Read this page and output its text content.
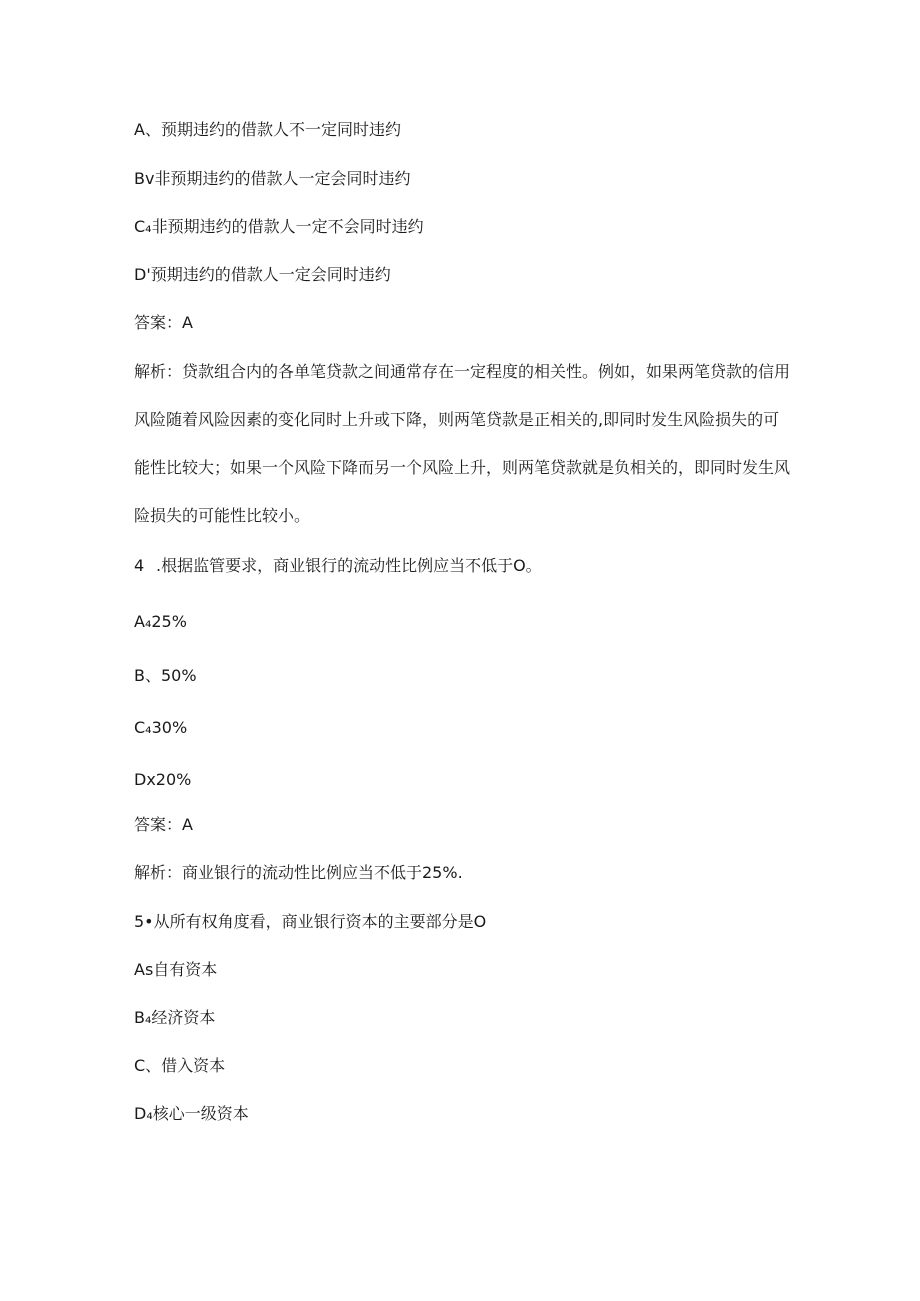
A、预期违约的借款人不一定同时违约
Bv非预期违约的借款人一定会同时违约
C₄非预期违约的借款人一定不会同时违约
D'预期违约的借款人一定会同时违约
答案：A
解析：贷款组合内的各单笔贷款之间通常存在一定程度的相关性。例如，如果两笔贷款的信用风险随着风险因素的变化同时上升或下降，则两笔贷款是正相关的,即同时发生风险损失的可能性比较大；如果一个风险下降而另一个风险上升，则两笔贷款就是负相关的，即同时发生风险损失的可能性比较小。
4 .根据监管要求，商业银行的流动性比例应当不低于O。
A₄25%
B、50%
C₄30%
Dx20%
答案：A
解析：商业银行的流动性比例应当不低于25%.
5•从所有权角度看，商业银行资本的主要部分是O
As自有资本
B₄经济资本
C、借入资本
D₄核心一级资本
